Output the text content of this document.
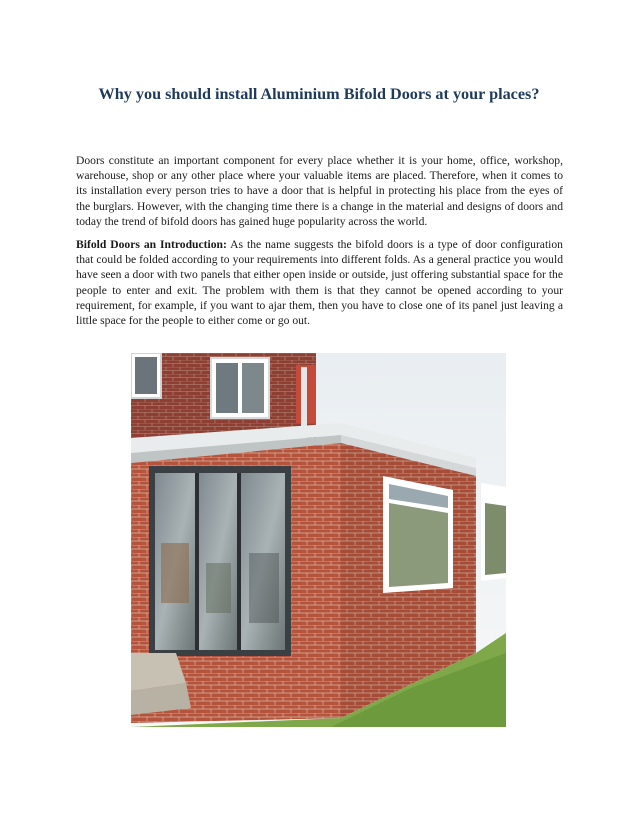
Why you should install Aluminium Bifold Doors at your places?

Doors constitute an important component for every place whether it is your home, office, workshop, warehouse, shop or any other place where your valuable items are placed. Therefore, when it comes to its installation every person tries to have a door that is helpful in protecting his place from the eyes of the burglars. However, with the changing time there is a change in the material and designs of doors and today the trend of bifold doors has gained huge popularity across the world.

Bifold Doors an Introduction: As the name suggests the bifold doors is a type of door configuration that could be folded according to your requirements into different folds. As a general practice you would have seen a door with two panels that either open inside or outside, just offering substantial space for the people to enter and exit. The problem with them is that they cannot be opened according to your requirement, for example, if you want to ajar them, then you have to close one of its panel just leaving a little space for the people to either come or go out.
